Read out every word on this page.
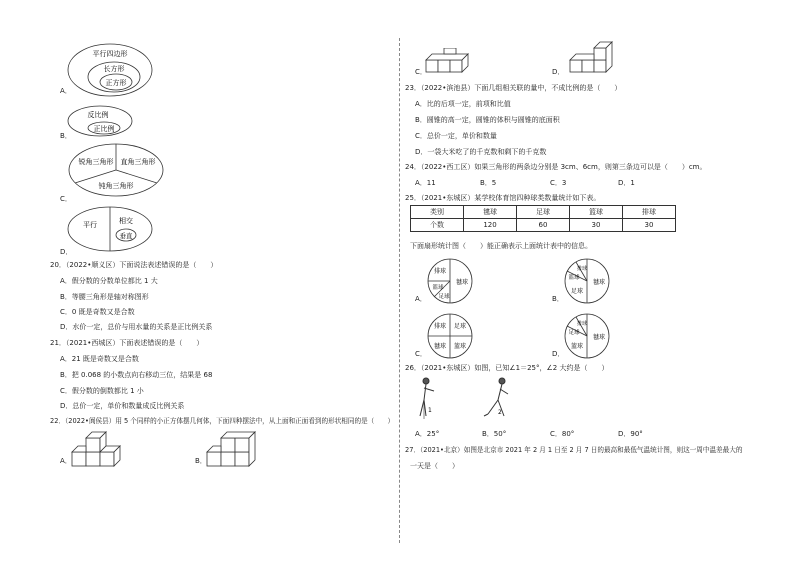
平行四边形
长方形
正方形
A．
反比例
正比例
B．
锐角三角形 直角三角形
钝角三角形
C．
平行	相交
垂直
D．
20．（2022•顺义区）下面说法表述错误的是（　　）
A．假分数的分数单位都比 1 大
B．等腰三角形是轴对称图形
C．0 既是奇数又是合数
D．水价一定，总价与用水量的关系是正比例关系
21．（2021•西城区）下面表述错误的是（　　）
A．21 既是奇数又是合数
B．把 0.068 的小数点向右移动三位，结果是 68
C．假分数的倒数都比 1 小
D．总价一定，单价和数量成反比例关系
22．（2022•阆侯县）用 5 个同样的小正方体摆几何体，下面四种摆法中，从上面和正面看到的形状相同的是（　　）
A．	B．
C．	D．
23．（2022•滨池县）下面几组相关联的量中，不成比例的是（　　）
A．比的后项一定，前项和比值
B．圆锥的高一定，圆锥的体积与圆锥的底面积
C．总价一定，单价和数量
D．一袋大米吃了的千克数和剩下的千克数
24．（2022•西工区）如果三角形的两条边分别是 3cm、6cm，则第三条边可以是（　　）cm。
A．11	B．5	C．3	D．1
25．（2021•东城区）某学校体育馆四种球类数量统计如下表。
类别	毽球	足球	篮球	排球
个数	120	60	30	30
下面扇形统计图（　　）能正确表示上面统计表中的信息。
毽球
排球
篮球
足球
A．
毽球
排球
篮球
足球
B．
排球 足球
毽球 篮球
C．
毽球
排球
足球
篮球
D．
26．（2021•东城区）如图，已知∠1＝25°，∠2 大约是（　　）
1	2
A．25°	B．50°	C．80°	D．90°
27．（2021•北京）如图是北京市 2021 年 2 月 1 日至 2 月 7 日的最高和最低气温统计图，则这一周中温差最大的
一天是（　　）
